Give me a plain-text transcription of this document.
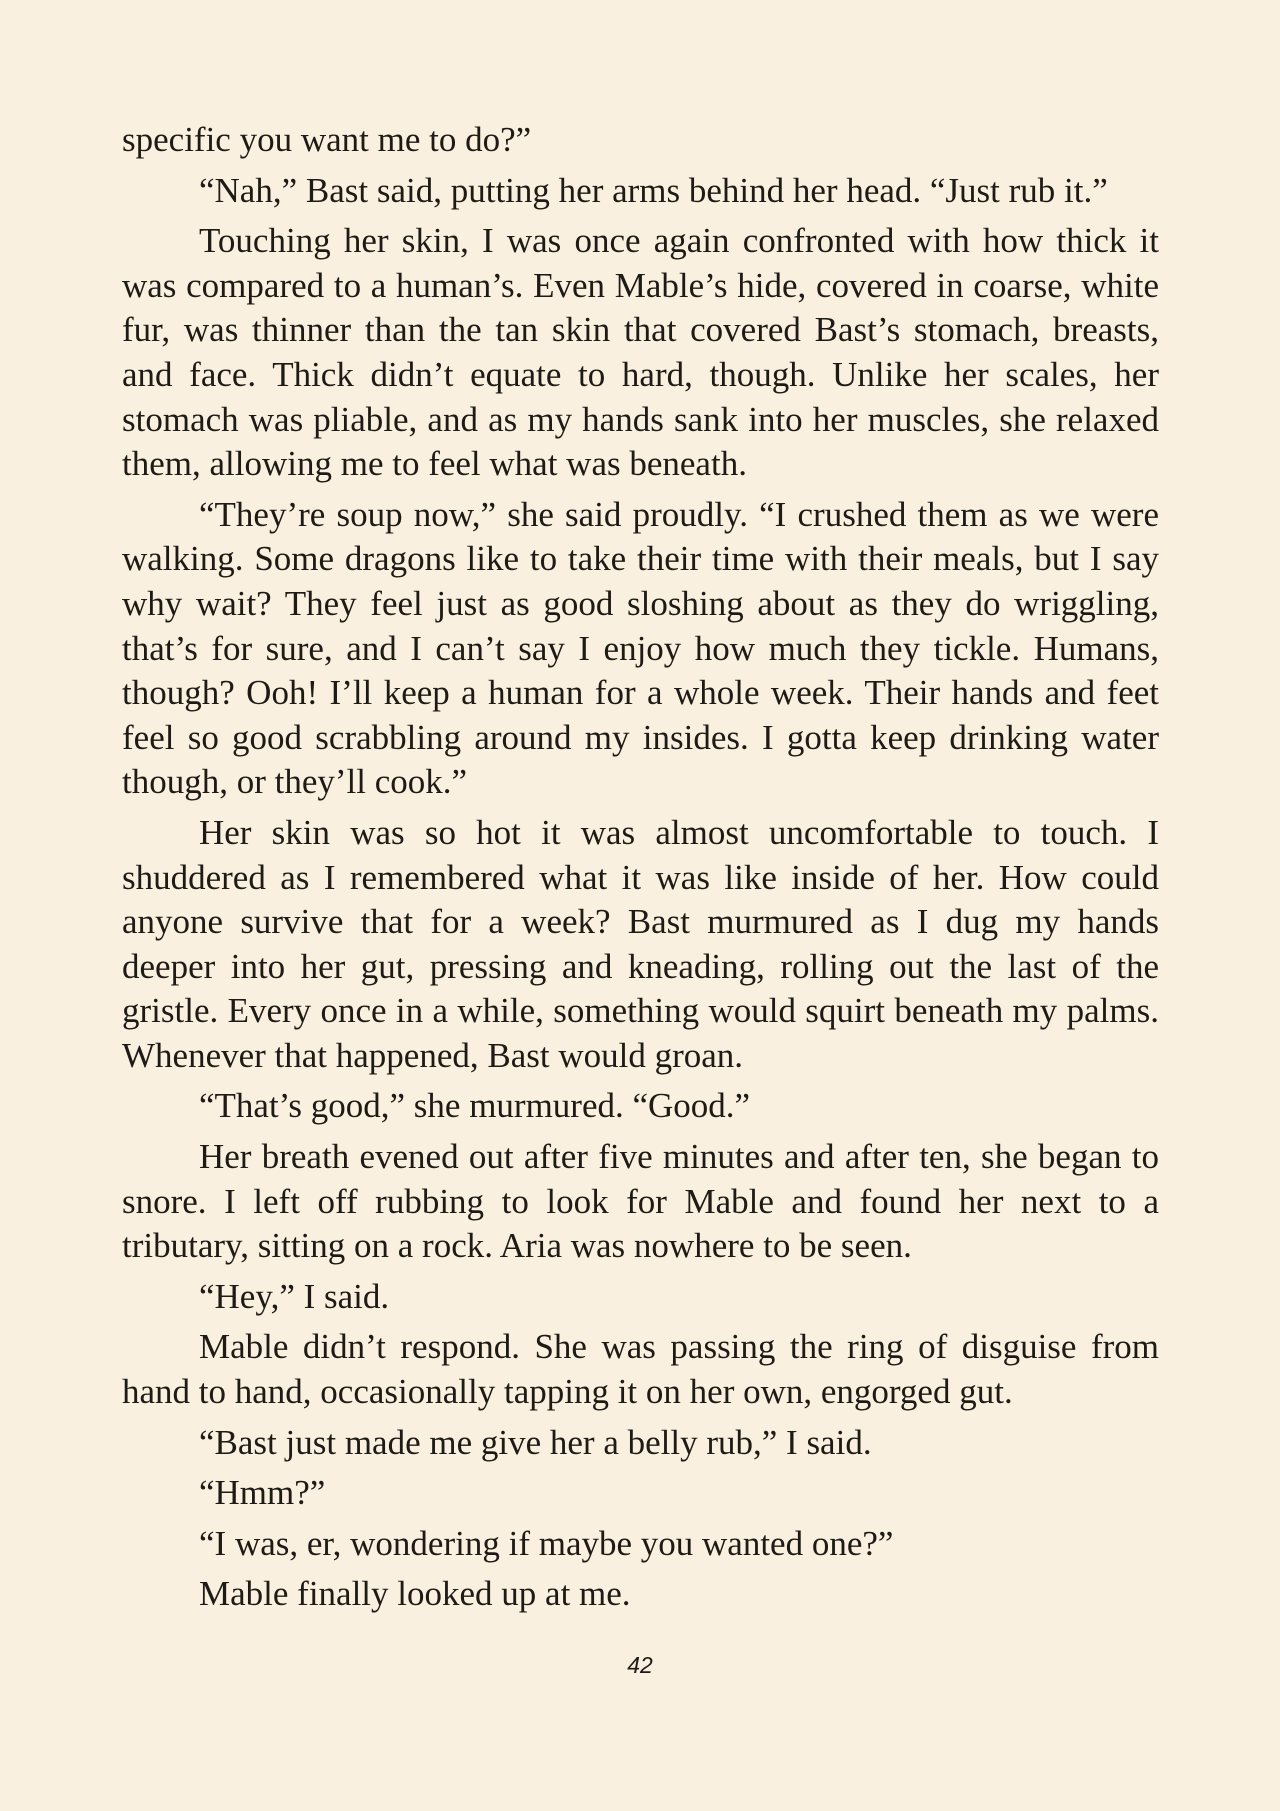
specific you want me to do?”

“Nah,” Bast said, putting her arms behind her head. “Just rub it.”

Touching her skin, I was once again confronted with how thick it was compared to a human’s. Even Mable’s hide, covered in coarse, white fur, was thinner than the tan skin that covered Bast’s stomach, breasts, and face. Thick didn’t equate to hard, though. Unlike her scales, her stomach was pliable, and as my hands sank into her muscles, she relaxed them, allowing me to feel what was beneath.

“They’re soup now,” she said proudly. “I crushed them as we were walking. Some dragons like to take their time with their meals, but I say why wait? They feel just as good sloshing about as they do wriggling, that’s for sure, and I can’t say I enjoy how much they tickle. Humans, though? Ooh! I’ll keep a human for a whole week. Their hands and feet feel so good scrabbling around my insides. I gotta keep drinking water though, or they’ll cook.”

Her skin was so hot it was almost uncomfortable to touch. I shuddered as I remembered what it was like inside of her. How could anyone survive that for a week? Bast murmured as I dug my hands deeper into her gut, pressing and kneading, rolling out the last of the gristle. Every once in a while, something would squirt beneath my palms. Whenever that happened, Bast would groan.

“That’s good,” she murmured. “Good.”

Her breath evened out after five minutes and after ten, she began to snore. I left off rubbing to look for Mable and found her next to a tributary, sitting on a rock. Aria was nowhere to be seen.

“Hey,” I said.

Mable didn’t respond. She was passing the ring of disguise from hand to hand, occasionally tapping it on her own, engorged gut.

“Bast just made me give her a belly rub,” I said.

“Hmm?”

“I was, er, wondering if maybe you wanted one?”

Mable finally looked up at me.

42
